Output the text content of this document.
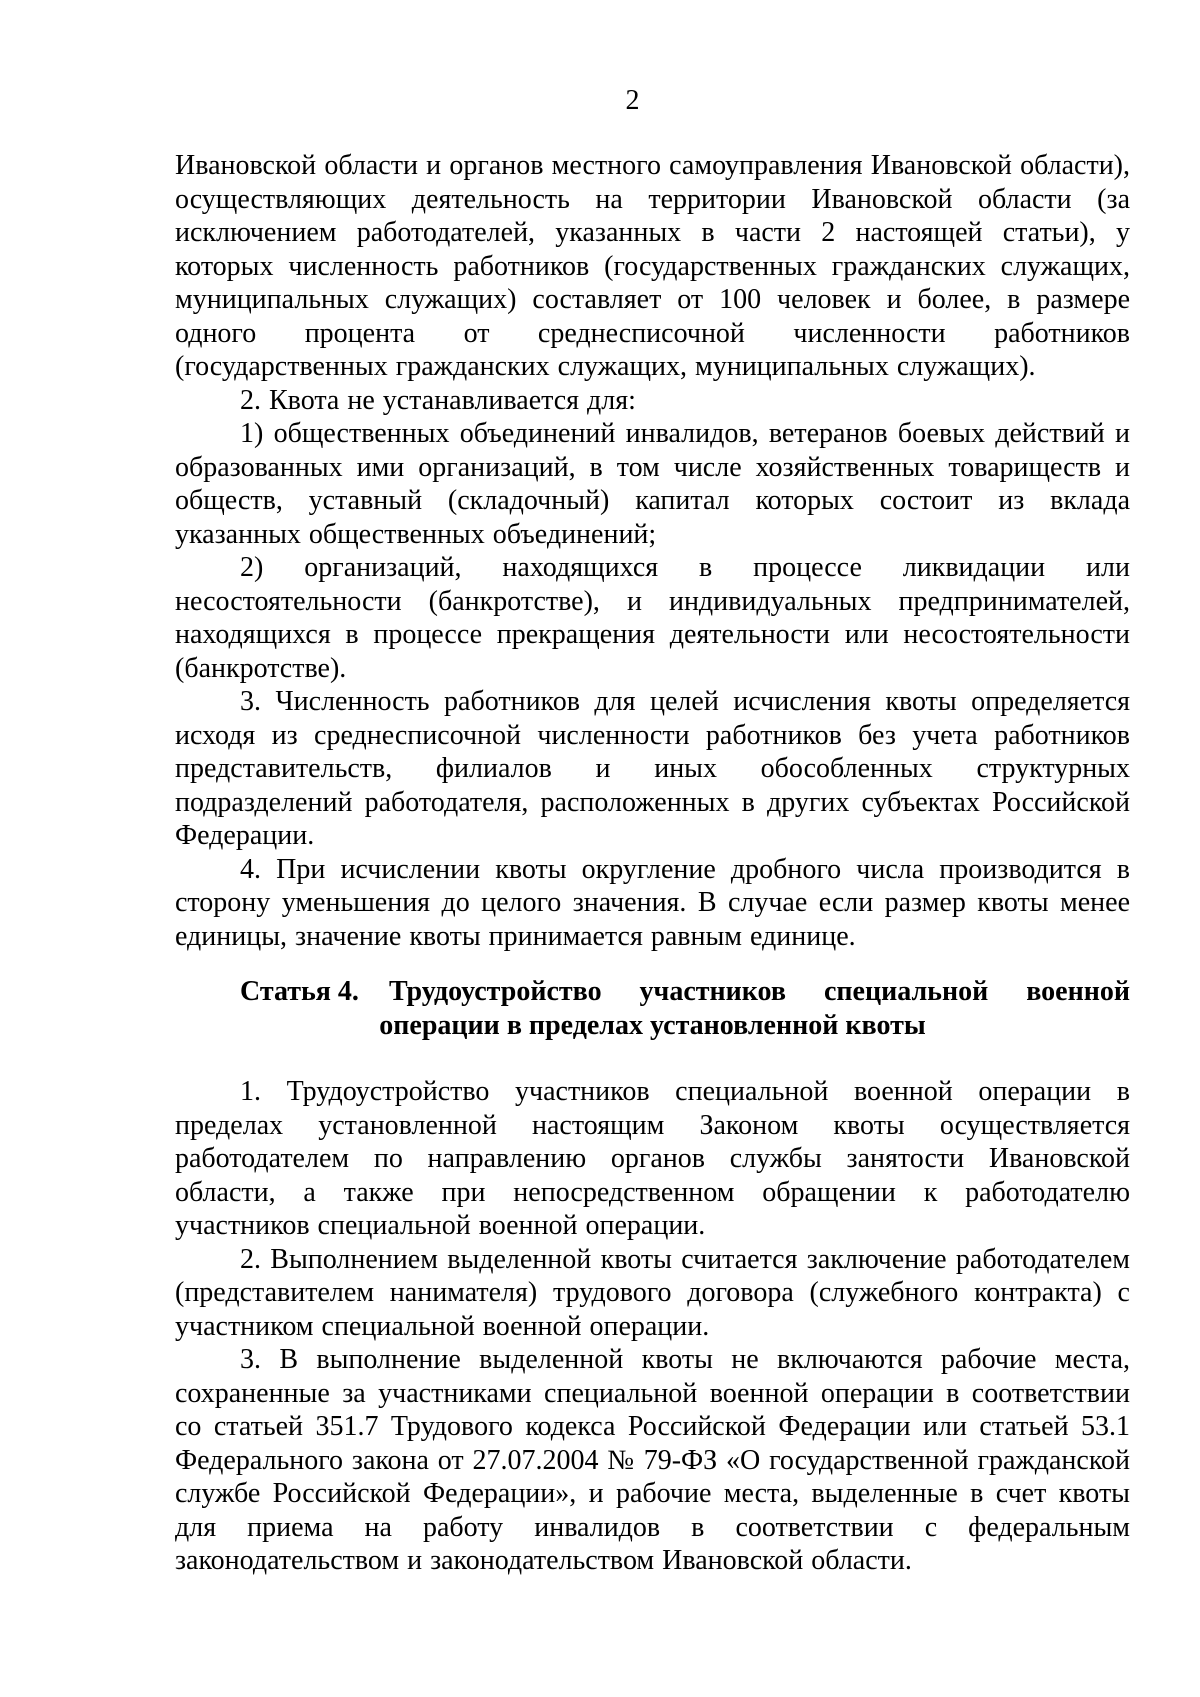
2

Ивановской области и органов местного самоуправления Ивановской области), осуществляющих деятельность на территории Ивановской области (за исключением работодателей, указанных в части 2 настоящей статьи), у которых численность работников (государственных гражданских служащих, муниципальных служащих) составляет от 100 человек и более, в размере одного процента от среднесписочной численности работников (государственных гражданских служащих, муниципальных служащих).

2. Квота не устанавливается для:

1) общественных объединений инвалидов, ветеранов боевых действий и образованных ими организаций, в том числе хозяйственных товариществ и обществ, уставный (складочный) капитал которых состоит из вклада указанных общественных объединений;

2) организаций, находящихся в процессе ликвидации или несостоятельности (банкротстве), и индивидуальных предпринимателей, находящихся в процессе прекращения деятельности или несостоятельности (банкротстве).

3. Численность работников для целей исчисления квоты определяется исходя из среднесписочной численности работников без учета работников представительств, филиалов и иных обособленных структурных подразделений работодателя, расположенных в других субъектах Российской Федерации.

4. При исчислении квоты округление дробного числа производится в сторону уменьшения до целого значения. В случае если размер квоты менее единицы, значение квоты принимается равным единице.

Статья 4. Трудоустройство участников специальной военной
операции в пределах установленной квоты

1. Трудоустройство участников специальной военной операции в пределах установленной настоящим Законом квоты осуществляется работодателем по направлению органов службы занятости Ивановской области, а также при непосредственном обращении к работодателю участников специальной военной операции.

2. Выполнением выделенной квоты считается заключение работодателем (представителем нанимателя) трудового договора (служебного контракта) с участником специальной военной операции.

3. В выполнение выделенной квоты не включаются рабочие места, сохраненные за участниками специальной военной операции в соответствии со статьей 351.7 Трудового кодекса Российской Федерации или статьей 53.1 Федерального закона от 27.07.2004 № 79-ФЗ «О государственной гражданской службе Российской Федерации», и рабочие места, выделенные в счет квоты для приема на работу инвалидов в соответствии с федеральным законодательством и законодательством Ивановской области.
